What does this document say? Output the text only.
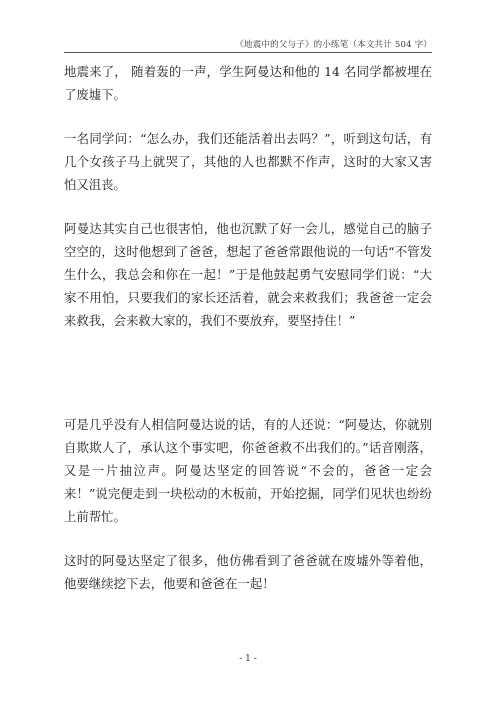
《地震中的父与子》的小练笔（本文共计 504 字）

地震来了， 随着轰的一声，学生阿曼达和他的 14 名同学都被埋在了废墟下。

一名同学问：“怎么办，我们还能活着出去吗？”，听到这句话，有几个女孩子马上就哭了，其他的人也都默不作声，这时的大家又害怕又沮丧。

阿曼达其实自己也很害怕，他也沉默了好一会儿，感觉自己的脑子空空的，这时他想到了爸爸，想起了爸爸常跟他说的一句话“不管发生什么，我总会和你在一起！”于是他鼓起勇气安慰同学们说：“大家不用怕，只要我们的家长还活着，就会来救我们；我爸爸一定会来救我，会来救大家的，我们不要放弃，要坚持住！”

可是几乎没有人相信阿曼达说的话，有的人还说：“阿曼达，你就别自欺欺人了，承认这个事实吧，你爸爸救不出我们的。”话音刚落，又是一片抽泣声。阿曼达坚定的回答说“不会的，爸爸一定会来！”说完便走到一块松动的木板前，开始挖掘，同学们见状也纷纷上前帮忙。

这时的阿曼达坚定了很多，他仿佛看到了爸爸就在废墟外等着他，他要继续挖下去，他要和爸爸在一起！

- 1 -
